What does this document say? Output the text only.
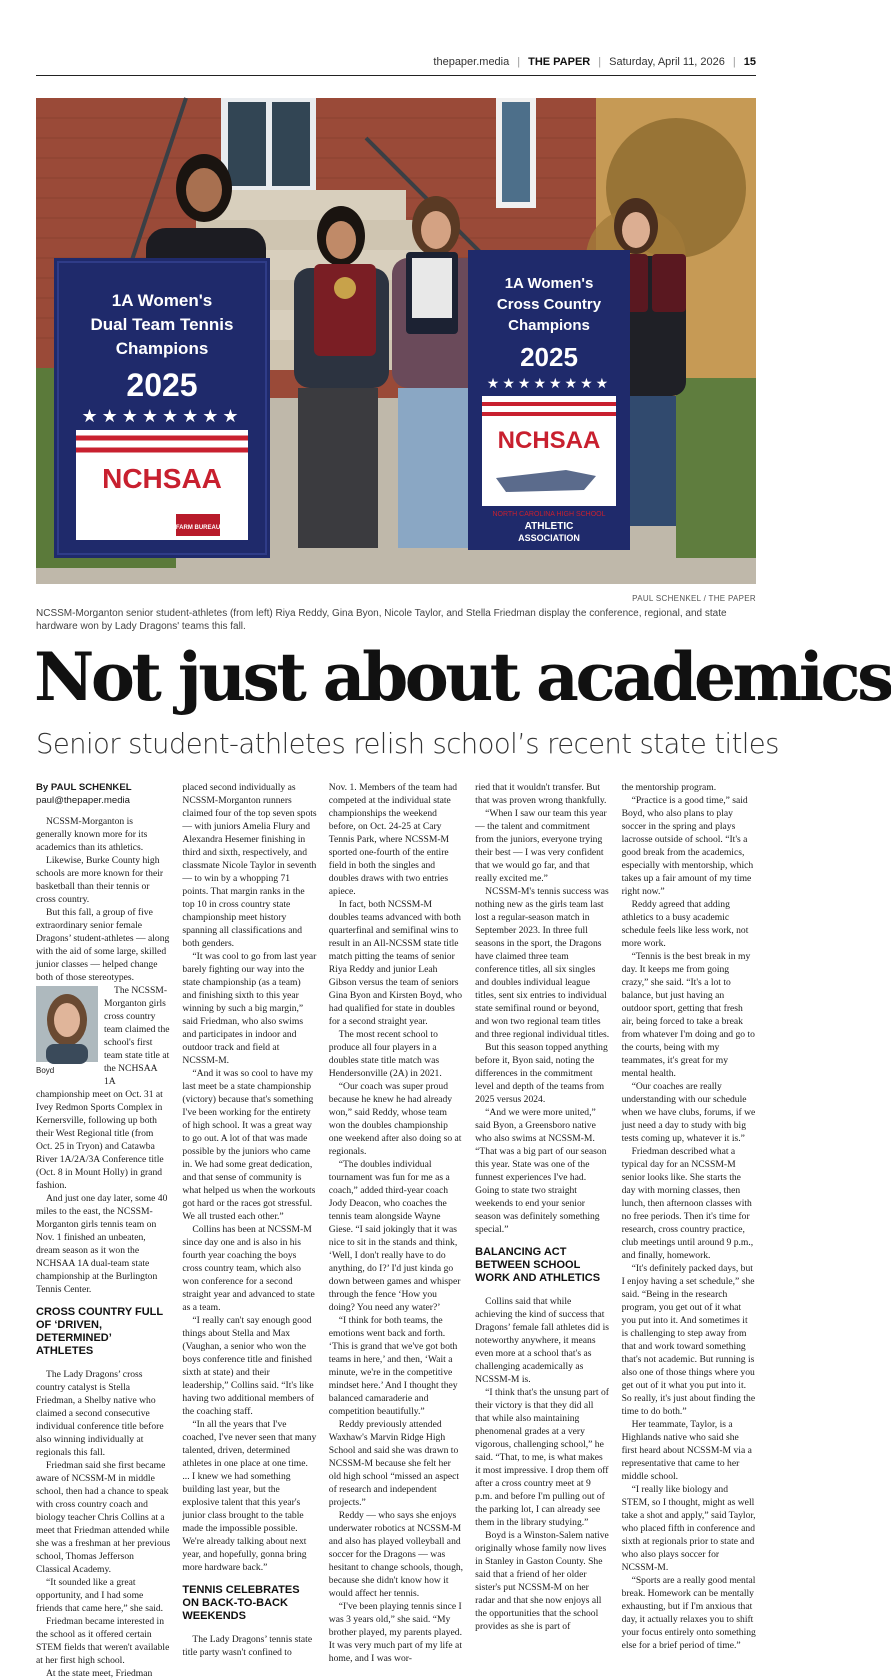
thepaper.media | THE PAPER | Saturday, April 11, 2026 | 15
1A Women's
Dual Team Tennis
Champions
2025
★★★★★★★★
NCHSAA
FARM BUREAU
1A Women's
Cross Country
Champions
2025
★★★★★★★★
NCHSAA
NORTH CAROLINA HIGH SCHOOL
ATHLETIC
ASSOCIATION
PAUL SCHENKEL / THE PAPER
NCSSM-Morganton senior student-athletes (from left) Riya Reddy, Gina Byon, Nicole Taylor, and Stella Friedman display the conference, regional, and state hardware won by Lady Dragons' teams this fall.
Not just about academics
Senior student-athletes relish school’s recent state titles

By PAUL SCHENKEL

paul@thepaper.media

NCSSM-Morganton is generally known more for its academics than its athletics.

Likewise, Burke County high schools are more known for their basketball than their tennis or cross country.

But this fall, a group of five extraordinary senior female Dragons’ student-athletes — along with the aid of some large, skilled junior classes — helped change both of those stereotypes.

Boyd

The NCSSM-Morganton girls cross country team claimed the school's first team state title at the NCHSAA 1A championship meet on Oct. 31 at Ivey Redmon Sports Complex in Kernersville, following up both their West Regional title (from Oct. 25 in Tryon) and Catawba River 1A/2A/3A Conference title (Oct. 8 in Mount Holly) in grand fashion.

And just one day later, some 40 miles to the east, the NCSSM-Morganton girls tennis team on Nov. 1 finished an unbeaten, dream season as it won the NCHSAA 1A dual-team state championship at the Burlington Tennis Center.

CROSS COUNTRY FULL OF ‘DRIVEN, DETERMINED’ ATHLETES

The Lady Dragons’ cross country catalyst is Stella Friedman, a Shelby native who claimed a second consecutive individual conference title before also winning individually at regionals this fall.

Friedman said she first became aware of NCSSM-M in middle school, then had a chance to speak with cross country coach and biology teacher Chris Collins at a meet that Friedman attended while she was a freshman at her previous school, Thomas Jefferson Classical Academy.

“It sounded like a great opportunity, and I had some friends that came here,” she said.

Friedman became interested in the school as it offered certain STEM fields that weren't available at her first high school.

At the state meet, Friedman

placed second individually as NCSSM-Morganton runners claimed four of the top seven spots — with juniors Amelia Flury and Alexandra Hesemer finishing in third and sixth, respectively, and classmate Nicole Taylor in seventh — to win by a whopping 71 points. That margin ranks in the top 10 in cross country state championship meet history spanning all classifications and both genders.

“It was cool to go from last year barely fighting our way into the state championship (as a team) and finishing sixth to this year winning by such a big margin,” said Friedman, who also swims and participates in indoor and outdoor track and field at NCSSM-M.

“And it was so cool to have my last meet be a state championship (victory) because that's something I've been working for the entirety of high school. It was a great way to go out. A lot of that was made possible by the juniors who came in. We had some great dedication, and that sense of community is what helped us when the workouts got hard or the races got stressful. We all trusted each other.”

Collins has been at NCSSM-M since day one and is also in his fourth year coaching the boys cross country team, which also won conference for a second straight year and advanced to state as a team.

“I really can't say enough good things about Stella and Max (Vaughan, a senior who won the boys conference title and finished sixth at state) and their leadership,” Collins said. “It's like having two additional members of the coaching staff.

“In all the years that I've coached, I've never seen that many talented, driven, determined athletes in one place at one time. ... I knew we had something building last year, but the explosive talent that this year's junior class brought to the table made the impossible possible. We're already talking about next year, and hopefully, gonna bring more hardware back.”

TENNIS CELEBRATES ON BACK-TO-BACK WEEKENDS

The Lady Dragons’ tennis state title party wasn't confined to

Nov. 1. Members of the team had competed at the individual state championships the weekend before, on Oct. 24-25 at Cary Tennis Park, where NCSSM-M sported one-fourth of the entire field in both the singles and doubles draws with two entries apiece.

In fact, both NCSSM-M doubles teams advanced with both quarterfinal and semifinal wins to result in an All-NCSSM state title match pitting the teams of senior Riya Reddy and junior Leah Gibson versus the team of seniors Gina Byon and Kirsten Boyd, who had qualified for state in doubles for a second straight year.

The most recent school to produce all four players in a doubles state title match was Hendersonville (2A) in 2021.

“Our coach was super proud because he knew he had already won,” said Reddy, whose team won the doubles championship one weekend after also doing so at regionals.

“The doubles individual tournament was fun for me as a coach,” added third-year coach Jody Deacon, who coaches the tennis team alongside Wayne Giese. “I said jokingly that it was nice to sit in the stands and think, ‘Well, I don't really have to do anything, do I?’ I'd just kinda go down between games and whisper through the fence ‘How you doing? You need any water?’

“I think for both teams, the emotions went back and forth. ‘This is grand that we've got both teams in here,’ and then, ‘Wait a minute, we're in the competitive mindset here.’ And I thought they balanced camaraderie and competition beautifully.”

Reddy previously attended Waxhaw's Marvin Ridge High School and said she was drawn to NCSSM-M because she felt her old high school “missed an aspect of research and independent projects.”

Reddy — who says she enjoys underwater robotics at NCSSM-M and also has played volleyball and soccer for the Dragons — was hesitant to change schools, though, because she didn't know how it would affect her tennis.

“I've been playing tennis since I was 3 years old,” she said. “My brother played, my parents played. It was very much part of my life at home, and I was wor-

ried that it wouldn't transfer. But that was proven wrong thankfully.

“When I saw our team this year — the talent and commitment from the juniors, everyone trying their best — I was very confident that we would go far, and that really excited me.”

NCSSM-M's tennis success was nothing new as the girls team last lost a regular-season match in September 2023. In three full seasons in the sport, the Dragons have claimed three team conference titles, all six singles and doubles individual league titles, sent six entries to individual state semifinal round or beyond, and won two regional team titles and three regional individual titles.

But this season topped anything before it, Byon said, noting the differences in the commitment level and depth of the teams from 2025 versus 2024.

“And we were more united,” said Byon, a Greensboro native who also swims at NCSSM-M. “That was a big part of our season this year. State was one of the funnest experiences I've had. Going to state two straight weekends to end your senior season was definitely something special.”

BALANCING ACT BETWEEN SCHOOL WORK AND ATHLETICS

Collins said that while achieving the kind of success that Dragons’ female fall athletes did is noteworthy anywhere, it means even more at a school that's as challenging academically as NCSSM-M is.

“I think that's the unsung part of their victory is that they did all that while also maintaining phenomenal grades at a very vigorous, challenging school,” he said. “That, to me, is what makes it most impressive. I drop them off after a cross country meet at 9 p.m. and before I'm pulling out of the parking lot, I can already see them in the library studying.”

Boyd is a Winston-Salem native originally whose family now lives in Stanley in Gaston County. She said that a friend of her older sister's put NCSSM-M on her radar and that she now enjoys all the opportunities that the school provides as she is part of

the mentorship program.

“Practice is a good time,” said Boyd, who also plans to play soccer in the spring and plays lacrosse outside of school. “It's a good break from the academics, especially with mentorship, which takes up a fair amount of my time right now.”

Reddy agreed that adding athletics to a busy academic schedule feels like less work, not more work.

“Tennis is the best break in my day. It keeps me from going crazy,” she said. “It's a lot to balance, but just having an outdoor sport, getting that fresh air, being forced to take a break from whatever I'm doing and go to the courts, being with my teammates, it's great for my mental health.

“Our coaches are really understanding with our schedule when we have clubs, forums, if we just need a day to study with big tests coming up, whatever it is.”

Friedman described what a typical day for an NCSSM-M senior looks like. She starts the day with morning classes, then lunch, then afternoon classes with no free periods. Then it's time for research, cross country practice, club meetings until around 9 p.m., and finally, homework.

“It's definitely packed days, but I enjoy having a set schedule,” she said. “Being in the research program, you get out of it what you put into it. And sometimes it is challenging to step away from that and work toward something that's not academic. But running is also one of those things where you get out of it what you put into it. So really, it's just about finding the time to do both.”

Her teammate, Taylor, is a Highlands native who said she first heard about NCSSM-M via a representative that came to her middle school.

“I really like biology and STEM, so I thought, might as well take a shot and apply,” said Taylor, who placed fifth in conference and sixth at regionals prior to state and who also plays soccer for NCSSM-M.

“Sports are a really good mental break. Homework can be mentally exhausting, but if I'm anxious that day, it actually relaxes you to shift your focus entirely onto something else for a brief period of time.”
